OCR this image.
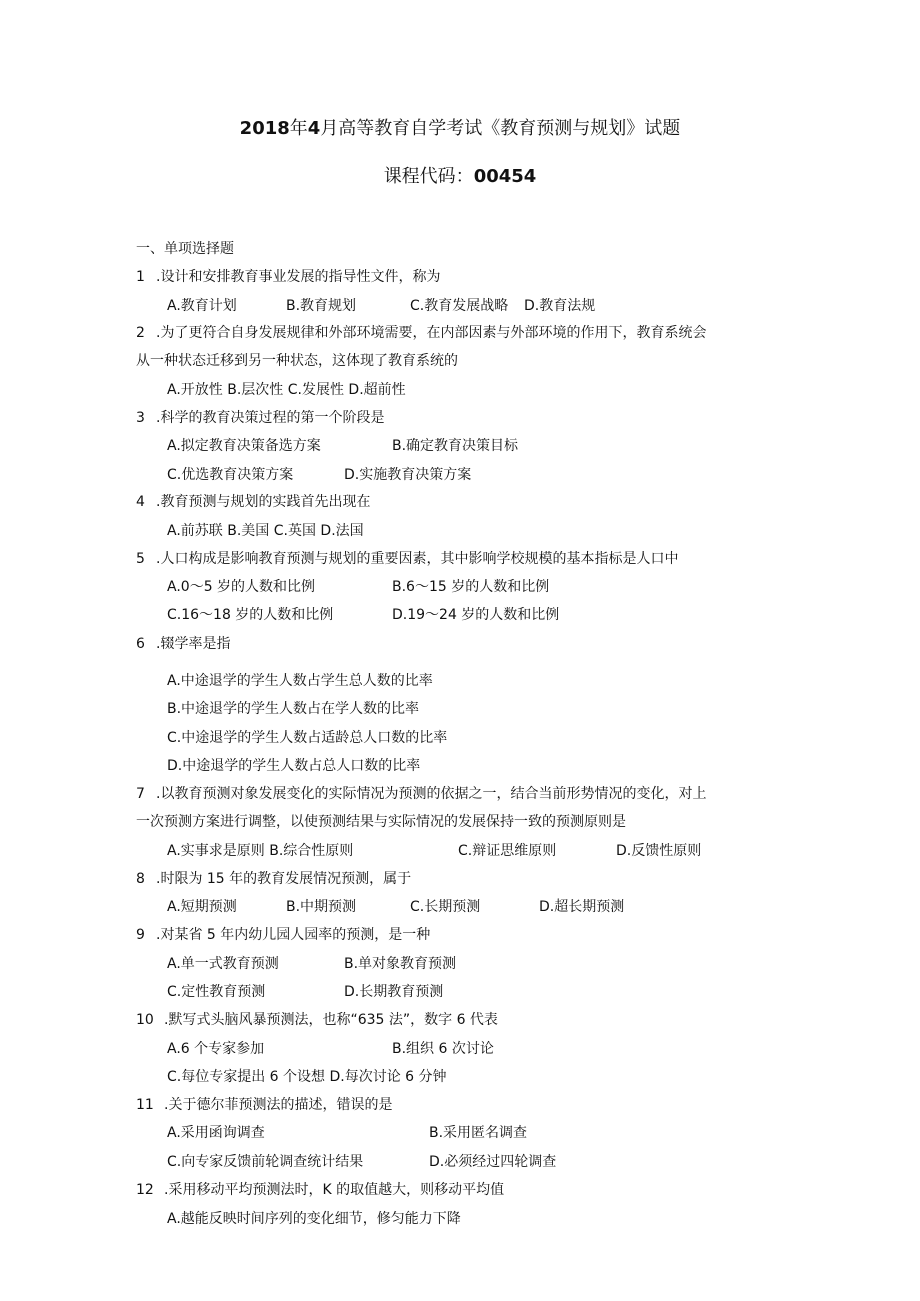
2018年4月高等教育自学考试《教育预测与规划》试题
课程代码：00454
一、单项选择题
1 .设计和安排教育事业发展的指导性文件，称为
A.教育计划	B.教育规划	C.教育发展战略 D.教育法规
2 .为了更符合自身发展规律和外部环境需要，在内部因素与外部环境的作用下，教育系统会
从一种状态迁移到另一种状态，这体现了教育系统的
A.开放性 B.层次性 C.发展性 D.超前性
3 .科学的教育决策过程的第一个阶段是
A.拟定教育决策备选方案	B.确定教育决策目标
C.优选教育决策方案	D.实施教育决策方案
4 .教育预测与规划的实践首先出现在
A.前苏联 B.美国 C.英国 D.法国
5 .人口构成是影响教育预测与规划的重要因素，其中影响学校规模的基本指标是人口中
A.0～5 岁的人数和比例	B.6～15 岁的人数和比例
C.16～18 岁的人数和比例	D.19～24 岁的人数和比例
6 .辍学率是指
A.中途退学的学生人数占学生总人数的比率
B.中途退学的学生人数占在学人数的比率
C.中途退学的学生人数占适龄总人口数的比率
D.中途退学的学生人数占总人口数的比率
7 .以教育预测对象发展变化的实际情况为预测的依据之一，结合当前形势情况的变化，对上
一次预测方案进行调整，以使预测结果与实际情况的发展保持一致的预测原则是
A.实事求是原则 B.综合性原则	C.辩证思维原则	D.反馈性原则
8 .时限为 15 年的教育发展情况预测，属于
A.短期预测	B.中期预测	C.长期预测	D.超长期预测
9 .对某省 5 年内幼儿园人园率的预测，是一种
A.单一式教育预测	B.单对象教育预测
C.定性教育预测	D.长期教育预测
10 .默写式头脑风暴预测法，也称“635 法”，数字 6 代表
A.6 个专家参加	B.组织 6 次讨论
C.每位专家提出 6 个设想 D.每次讨论 6 分钟
11 .关于德尔菲预测法的描述，错误的是
A.采用函询调查	B.采用匿名调查
C.向专家反馈前轮调查统计结果	D.必须经过四轮调查
12 .采用移动平均预测法时，K 的取值越大，则移动平均值
A.越能反映时间序列的变化细节，修匀能力下降
